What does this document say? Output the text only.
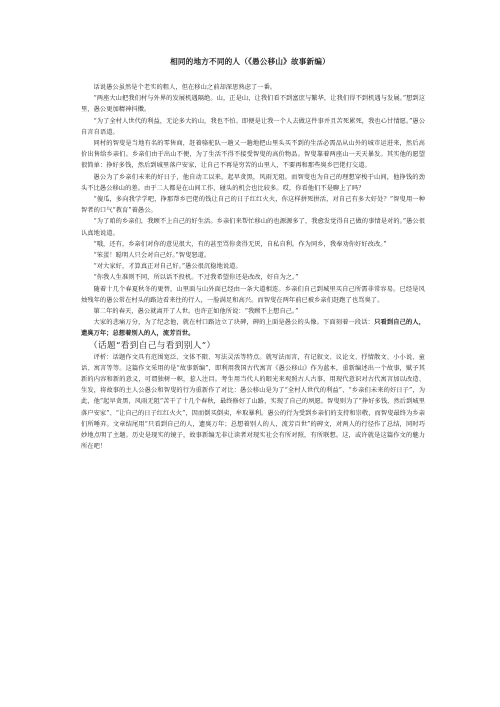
相同的地方不同的人（《愚公移山》故事新编）

话说愚公虽然是个老实的粗人，但在移山之前却深思熟虑了一番。

“两座大山把我们村与外界的发展机遇隔绝。山，正是山，让我们看不到富庶与繁华，让我们得不到机遇与发展。”想到这里，愚公更加精神抖擞。

“为了全村人世代的利益，无论多大的山，我也不怕。即便是让我一个人去做这件事并且苦死累死，我也心甘情愿。”愚公自言自语道。

同村的智叟是当地有名的零售商，赶着骆驼队一趟又一趟地把山里头买不到的生活必需品从山外的城市运进来，然后高价出售给乡亲们。乡亲们由于出山不便，为了生活不得不接受智叟的高价物品。智叟靠着两座山一天天暴发。其实他的愿望很简单：挣好多钱，然后到城里落户安家，让自己不再是穷苦的山里人，不要再和那些臭乡巴佬打交道。

愚公为了乡亲们未来的好日子，他自动工以来，起早贪黑，风雨无阻。而智叟也为自己的理想穿梭于山间，他挣钱的劲头不比愚公移山的差。由于二人都是在山间工作，碰头的机会也比较多。哎，你看他们不是聊上了吗？

“傻瓜，多向我学学吧，挣那帮乡巴佬的钱让自己的日子红红火火，你这样拼死拼活，对自己有多大好处？”智叟用一种智者的口气“教育”着愚公。

“为了咱的乡亲们，我顾不上自己的好生活。乡亲们来帮忙移山的也源源多了，我愈发觉得自己做的事情是对的。”愚公很认真地说道。

“哦，还有，乡亲们对你的意见很大，有的甚至骂你贪得无厌，自私自利。作为同乡，我奉劝你好好改改。”

“笨蛋！聪明人只会对自己好。”智叟怒道。

“对大家好，才算真正对自己好。”愚公很沉稳地说道。

“你我人生准则不同，所以话不投机。不过我希望你还是改改，好自为之。”

随着十几个春夏秋冬的更替，山里面与山外面已经由一条大道相连。乡亲们自己到城里买自己所需非常容易。已经是风烛残年的愚公常在村头的路边看来往的行人，一脸满足和高兴。而智叟在两年前已被乡亲们赶跑了也骂臭了。

第二年的春天，愚公就离开了人世。也许正如他所说：“我顾不上想自己。”

大家的悲痛万分，为了纪念他，就在村口路边立了块碑，碑的上面是愚公的头像。下面刻着一段话：只看到自己的人，遗臭万年；总想着别人的人，流芳百世。

（话题“看到自己与看到别人”）

评析：话题作文具有范围宽泛、文体不限、写法灵活等特点。就写法而言，有记叙文、议论文、抒情散文、小小说、童话、寓言等等。这篇作文采用的是“故事新编”，即利用我国古代寓言《愚公移山》作为蓝本，重新编述出一个故事，赋予其新的内容和新的意义，可谓独树一帜，惹人注目。考生用当代人的眼光来观照古人古事，用现代意识对古代寓言加以改造、生发，将故事的主人公愚公和智叟的行为重新作了对比：愚公移山是为了“全村人世代的利益”、“乡亲们未来的好日子”，为此，他“起早贪黑，风雨无阻”苦干了十几个春秋，最终修好了山路，实现了自己的夙愿。智叟则为了“挣好多钱，然后到城里落户安家”、“让自己的日子红红火火”，因而倒买倒卖，牟取暴利。愚公的行为受到乡亲们的支持和崇敬，而智叟最终为乡亲们所唾弃。文章结尾用“只看到自己的人，遗臭万年；总想着别人的人，流芳百世”的碑文，对两人的行径作了总结，同时巧妙地点明了主题。历史是现实的镜子，故事新编无非让读者对现实社会有所对照，有所联想。这，或许就是这篇作文的魅力所在吧！
